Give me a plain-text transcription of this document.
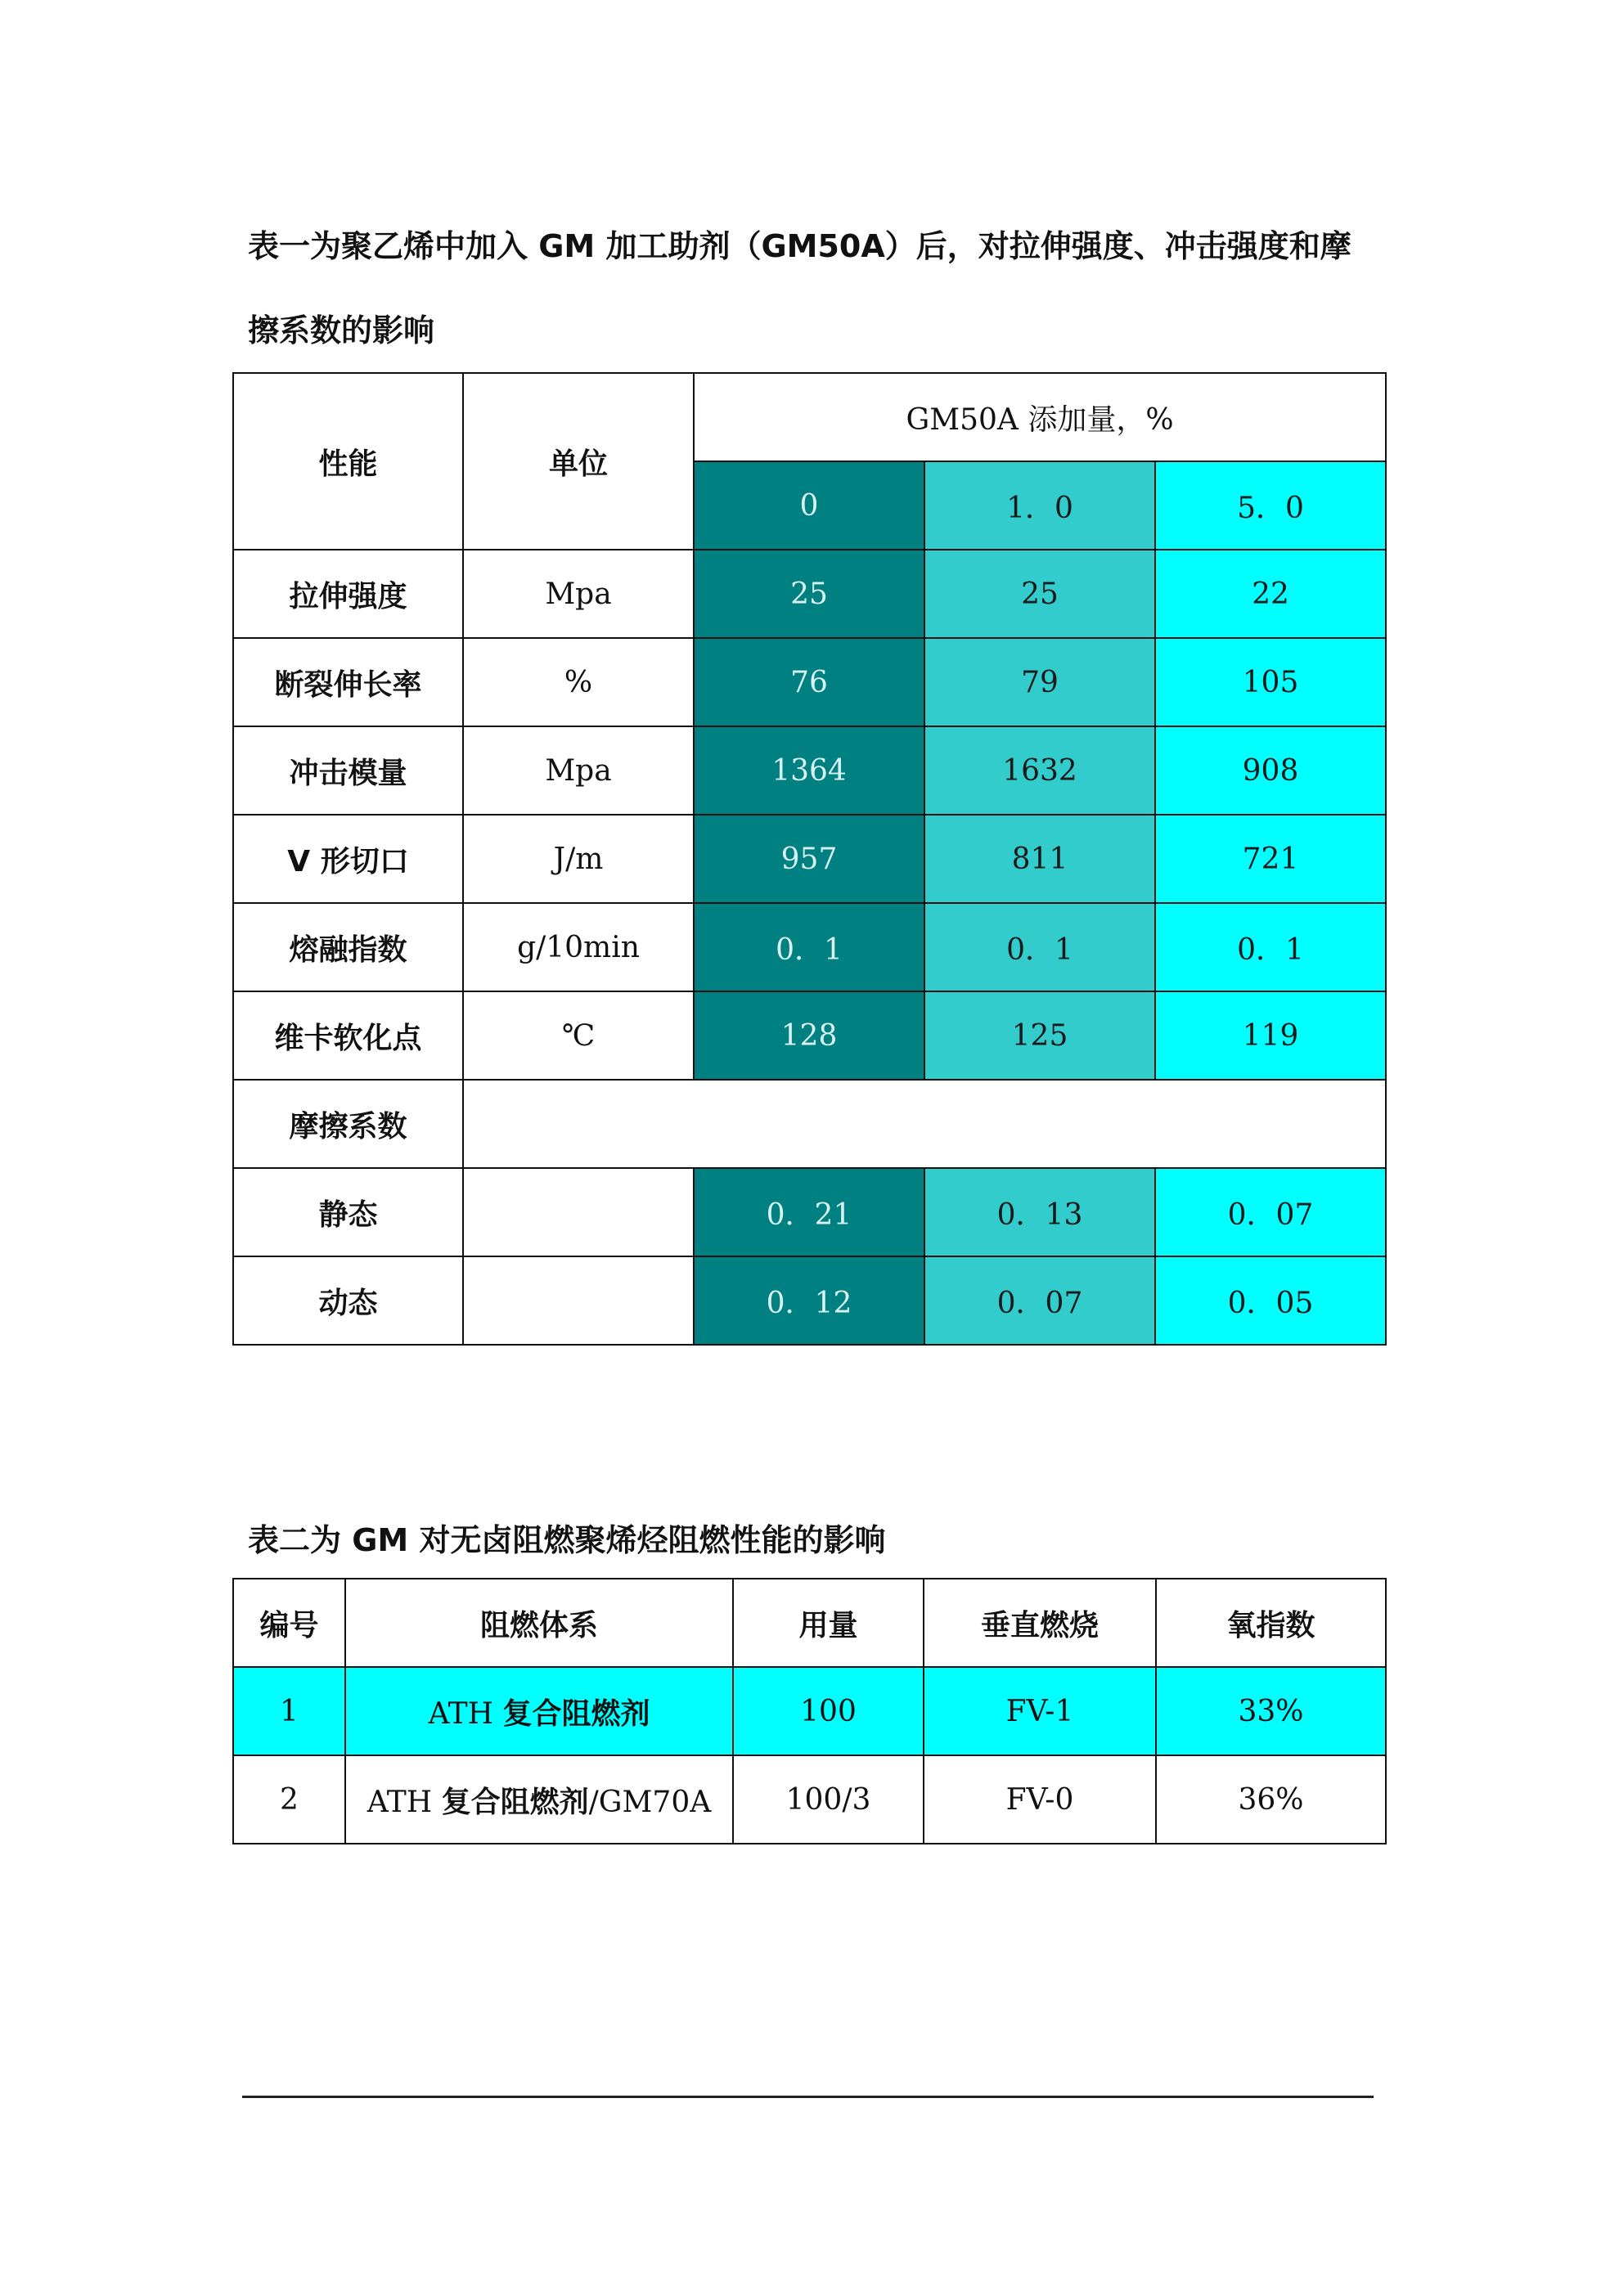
表一为聚乙烯中加入 GM 加工助剂（GM50A）后，对拉伸强度、冲击强度和摩

擦系数的影响

性能	单位	GM50A 添加量，%		
		0	1．0	5．0
拉伸强度	Mpa	25	25	22
断裂伸长率	%	76	79	105
冲击模量	Mpa	1364	1632	908
V 形切口	J/m	957	811	721
熔融指数	g/10min	0．1	0．1	0．1
维卡软化点	℃	128	125	119
摩擦系数				
静态		0．21	0．13	0．07
动态		0．12	0．07	0．05

表二为 GM 对无卤阻燃聚烯烃阻燃性能的影响

编号	阻燃体系	用量	垂直燃烧	氧指数
1	ATH 复合阻燃剂	100	FV-1	33%
2	ATH 复合阻燃剂/GM70A	100/3	FV-0	36%
